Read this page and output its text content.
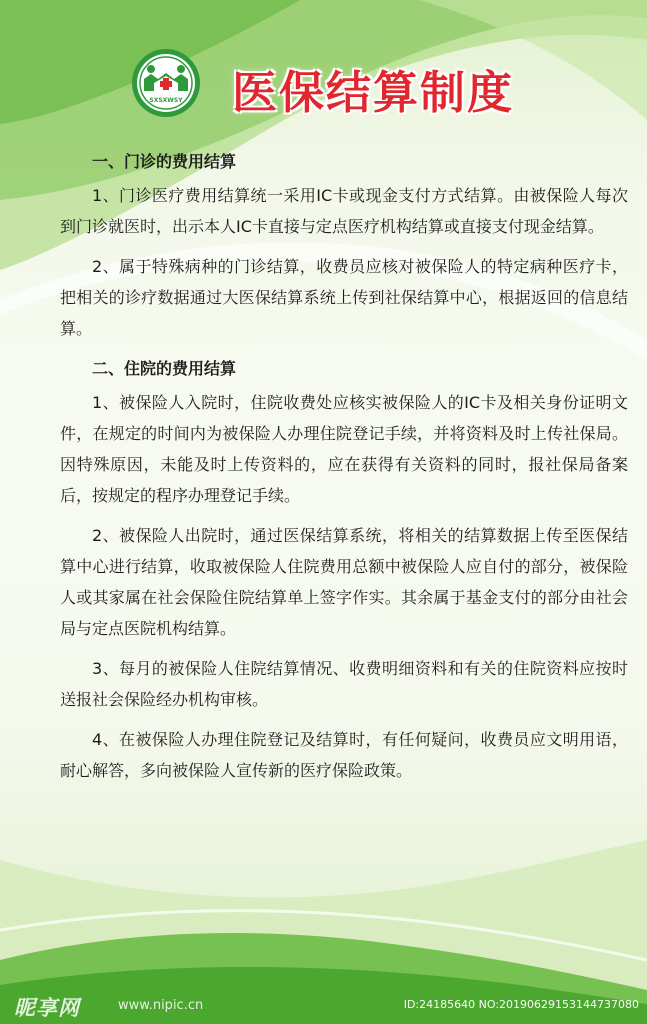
SXSXWSY 医保结算制度
一、门诊的费用结算

1、门诊医疗费用结算统一采用IC卡或现金支付方式结算。由被保险人每次到门诊就医时，出示本人IC卡直接与定点医疗机构结算或直接支付现金结算。

2、属于特殊病种的门诊结算，收费员应核对被保险人的特定病种医疗卡，把相关的诊疗数据通过大医保结算系统上传到社保结算中心，根据返回的信息结算。

二、住院的费用结算

1、被保险人入院时，住院收费处应核实被保险人的IC卡及相关身份证明文件，在规定的时间内为被保险人办理住院登记手续，并将资料及时上传社保局。因特殊原因，未能及时上传资料的，应在获得有关资料的同时，报社保局备案后，按规定的程序办理登记手续。

2、被保险人出院时，通过医保结算系统，将相关的结算数据上传至医保结算中心进行结算，收取被保险人住院费用总额中被保险人应自付的部分，被保险人或其家属在社会保险住院结算单上签字作实。其余属于基金支付的部分由社会局与定点医院机构结算。

3、每月的被保险人住院结算情况、收费明细资料和有关的住院资料应按时送报社会保险经办机构审核。

4、在被保险人办理住院登记及结算时，有任何疑问，收费员应文明用语，耐心解答，多向被保险人宣传新的医疗保险政策。

昵享网	www.nipic.cn	ID:24185640 NO:20190629153144737080
